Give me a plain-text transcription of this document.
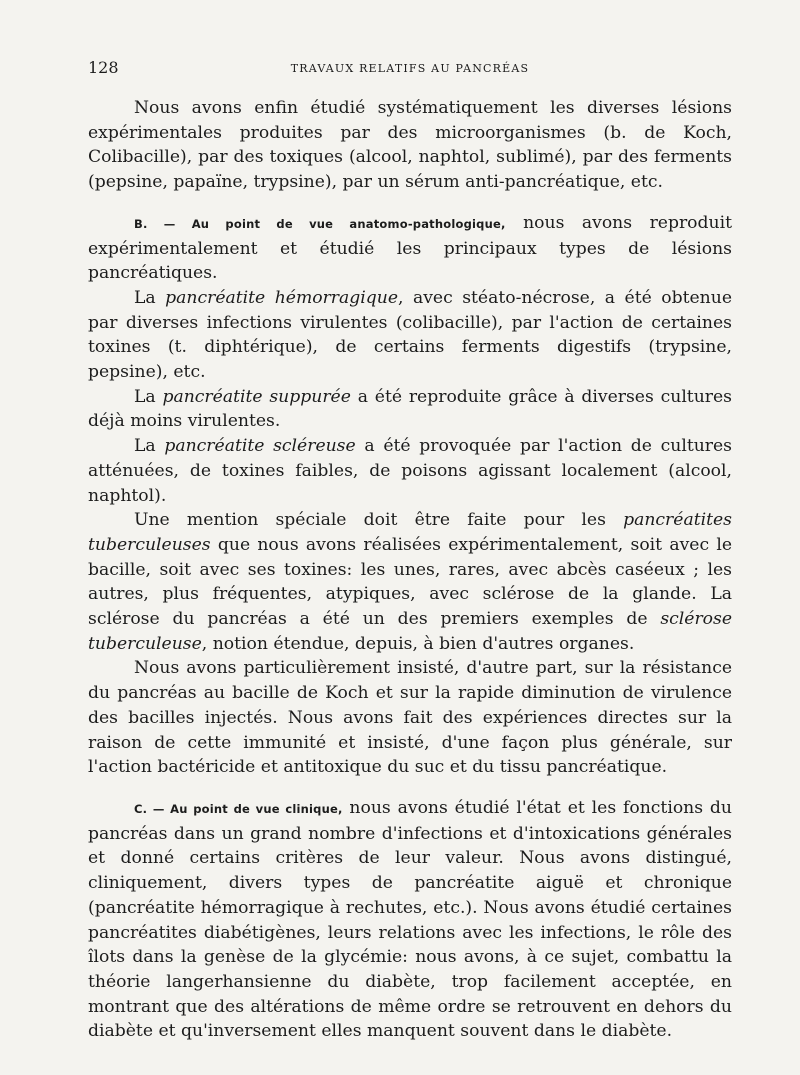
128	TRAVAUX RELATIFS AU PANCRÉAS

Nous avons enfin étudié systématiquement les diverses lésions expérimentales produites par des microorganismes (b. de Koch, Colibacille), par des toxiques (alcool, naphtol, sublimé), par des ferments (pepsine, papaïne, trypsine), par un sérum anti-pancréatique, etc.

B. — Au point de vue anatomo-pathologique, nous avons reproduit expérimentalement et étudié les principaux types de lésions pancréatiques.

La pancréatite hémorragique, avec stéato-nécrose, a été obtenue par diverses infections virulentes (colibacille), par l'action de certaines toxines (t. diphtérique), de certains ferments digestifs (trypsine, pepsine), etc.

La pancréatite suppurée a été reproduite grâce à diverses cultures déjà moins virulentes.

La pancréatite scléreuse a été provoquée par l'action de cultures atténuées, de toxines faibles, de poisons agissant localement (alcool, naphtol).

Une mention spéciale doit être faite pour les pancréatites tuberculeuses que nous avons réalisées expérimentalement, soit avec le bacille, soit avec ses toxines: les unes, rares, avec abcès caséeux ; les autres, plus fréquentes, atypiques, avec sclérose de la glande. La sclérose du pancréas a été un des premiers exemples de sclérose tuberculeuse, notion étendue, depuis, à bien d'autres organes.

Nous avons particulièrement insisté, d'autre part, sur la résistance du pancréas au bacille de Koch et sur la rapide diminution de virulence des bacilles injectés. Nous avons fait des expériences directes sur la raison de cette immunité et insisté, d'une façon plus générale, sur l'action bactéricide et antitoxique du suc et du tissu pancréatique.

C. — Au point de vue clinique, nous avons étudié l'état et les fonctions du pancréas dans un grand nombre d'infections et d'intoxications générales et donné certains critères de leur valeur. Nous avons distingué, cliniquement, divers types de pancréatite aiguë et chronique (pancréatite hémorragique à rechutes, etc.). Nous avons étudié certaines pancréatites diabétigènes, leurs relations avec les infections, le rôle des îlots dans la genèse de la glycémie: nous avons, à ce sujet, combattu la théorie langerhansienne du diabète, trop facilement acceptée, en montrant que des altérations de même ordre se retrouvent en dehors du diabète et qu'inversement elles manquent souvent dans le diabète.
